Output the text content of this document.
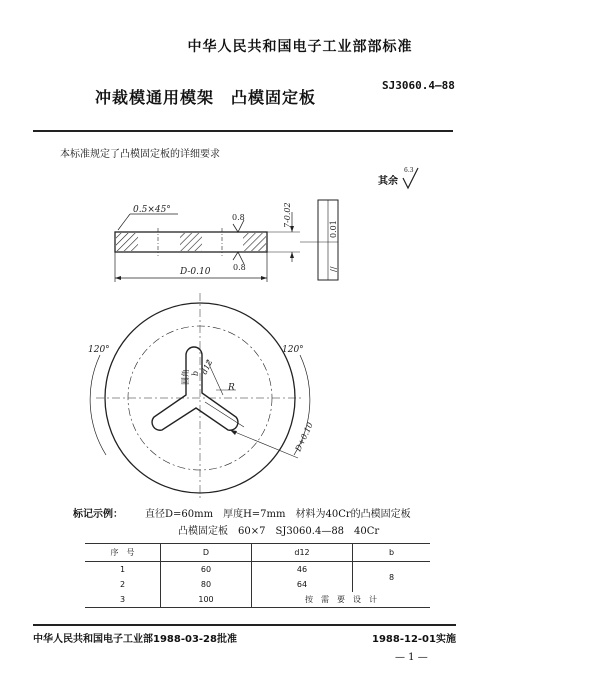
中华人民共和国电子工业部部标准
冲裁模通用模架　凸模固定板
SJ3060.4—88
本标准规定了凸模固定板的详细要求
其余
6.3
D-0.10
0.5×45°
0.8
0.8
7-0.02
0.01
//
120°	120°
d12
圆角 b
R
D+0.10
标记示例： 直径D=60mm　厚度H=7mm　材料为40Cr的凸模固定板
凸模固定板　60×7　SJ3060.4—88　40Cr
序　号	D	d12	b
1	60	46	8
2	80	64	
3	100	按　需　要　设　计	
中华人民共和国电子工业部1988-03-28批准	1988-12-01实施
— 1 —
